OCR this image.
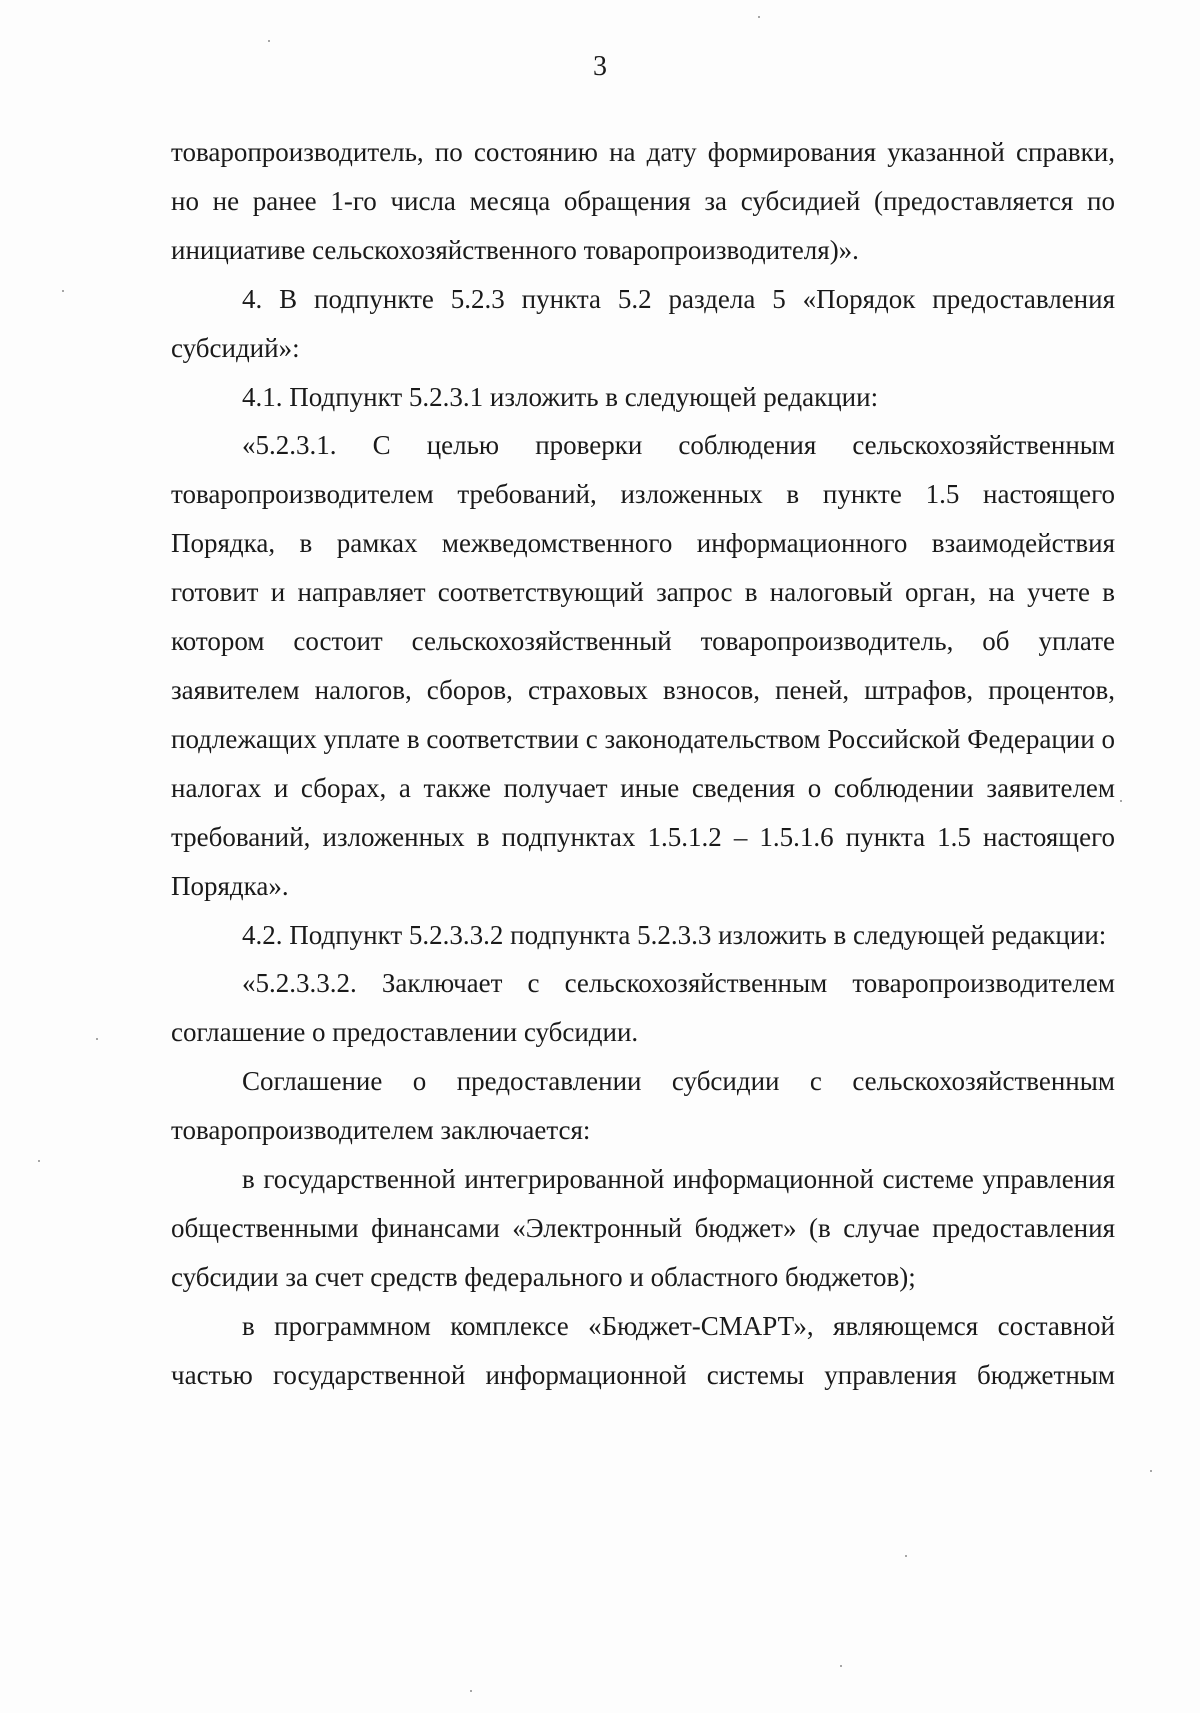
3

товаропроизводитель, по состоянию на дату формирования указанной справки, но не ранее 1-го числа месяца обращения за субсидией (предоставляется по инициативе сельскохозяйственного товаропроизводителя)».

4. В подпункте 5.2.3 пункта 5.2 раздела 5 «Порядок предоставления субсидий»:

4.1. Подпункт 5.2.3.1 изложить в следующей редакции:

«5.2.3.1. С целью проверки соблюдения сельскохозяйственным товаропроизводителем требований, изложенных в пункте 1.5 настоящего Порядка, в рамках межведомственного информационного взаимодействия готовит и направляет соответствующий запрос в налоговый орган, на учете в котором состоит сельскохозяйственный товаропроизводитель, об уплате заявителем налогов, сборов, страховых взносов, пеней, штрафов, процентов, подлежащих уплате в соответствии с законодательством Российской Федерации о налогах и сборах, а также получает иные сведения о соблюдении заявителем требований, изложенных в подпунктах 1.5.1.2 – 1.5.1.6 пункта 1.5 настоящего Порядка».

4.2. Подпункт 5.2.3.3.2 подпункта 5.2.3.3 изложить в следующей редакции:

«5.2.3.3.2. Заключает с сельскохозяйственным товаропроизводителем соглашение о предоставлении субсидии.

Соглашение о предоставлении субсидии с сельскохозяйственным товаропроизводителем заключается:

в государственной интегрированной информационной системе управления общественными финансами «Электронный бюджет» (в случае предоставления субсидии за счет средств федерального и областного бюджетов);

в программном комплексе «Бюджет-СМАРТ», являющемся составной частью государственной информационной системы управления бюджетным
